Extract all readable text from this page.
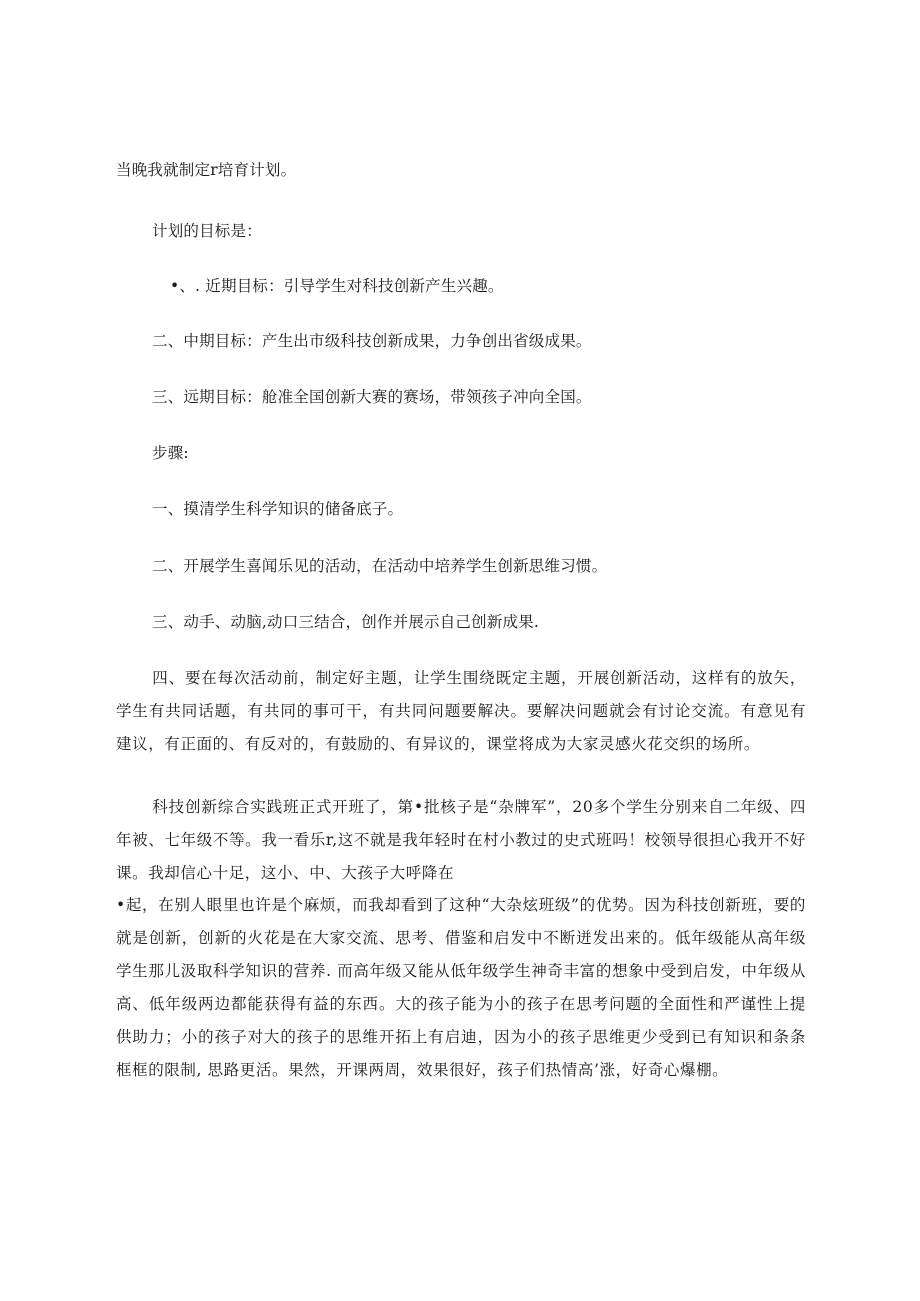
当晚我就制定r培育计划。
计划的目标是：
•、. 近期目标：引导学生对科技创新产生兴趣。
二、中期目标：产生出市级科技创新成果，力争创出省级成果。
三、远期目标：舱准全国创新大赛的赛场，带领孩子冲向全国。
步骤:
一、摸清学生科学知识的储备底子。
二、开展学生喜闻乐见的活动，在活动中培养学生创新思维习惯。
三、动手、动脑,动口三结合，创作并展示自己创新成果.
四、要在每次活动前，制定好主题，让学生围绕既定主题，开展创新活动，这样有的放矢，学生有共同话题，有共同的事可干，有共同问题要解决。要解决问题就会有讨论交流。有意见有建议，有正面的、有反对的，有鼓励的、有异议的，课堂将成为大家灵感火花交织的场所。
科技创新综合实践班正式开班了，第•批核子是“杂牌军”，20多个学生分别来自二年级、四年被、七年级不等。我一看乐r,这不就是我年轻时在村小教过的史式班吗！校领导很担心我开不好课。我却信心十足，这小、中、大孩子大呼降在
•起，在别人眼里也许是个麻烦，而我却看到了这种“大杂炫班级”的优势。因为科技创新班，要的就是创新，创新的火花是在大家交流、思考、借鉴和启发中不断迸发出来的。低年级能从高年级学生那儿汲取科学知识的营养. 而高年级又能从低年级学生神奇丰富的想象中受到启发，中年级从高、低年级两边都能获得有益的东西。大的孩子能为小的孩子在思考问题的全面性和严谨性上提供助力；小的孩子对大的孩子的思维开拓上有启迪，因为小的孩子思维更少受到已有知识和条条框框的限制, 思路更活。果然，开课两周，效果很好，孩子们热情高’涨，好奇心爆棚。
